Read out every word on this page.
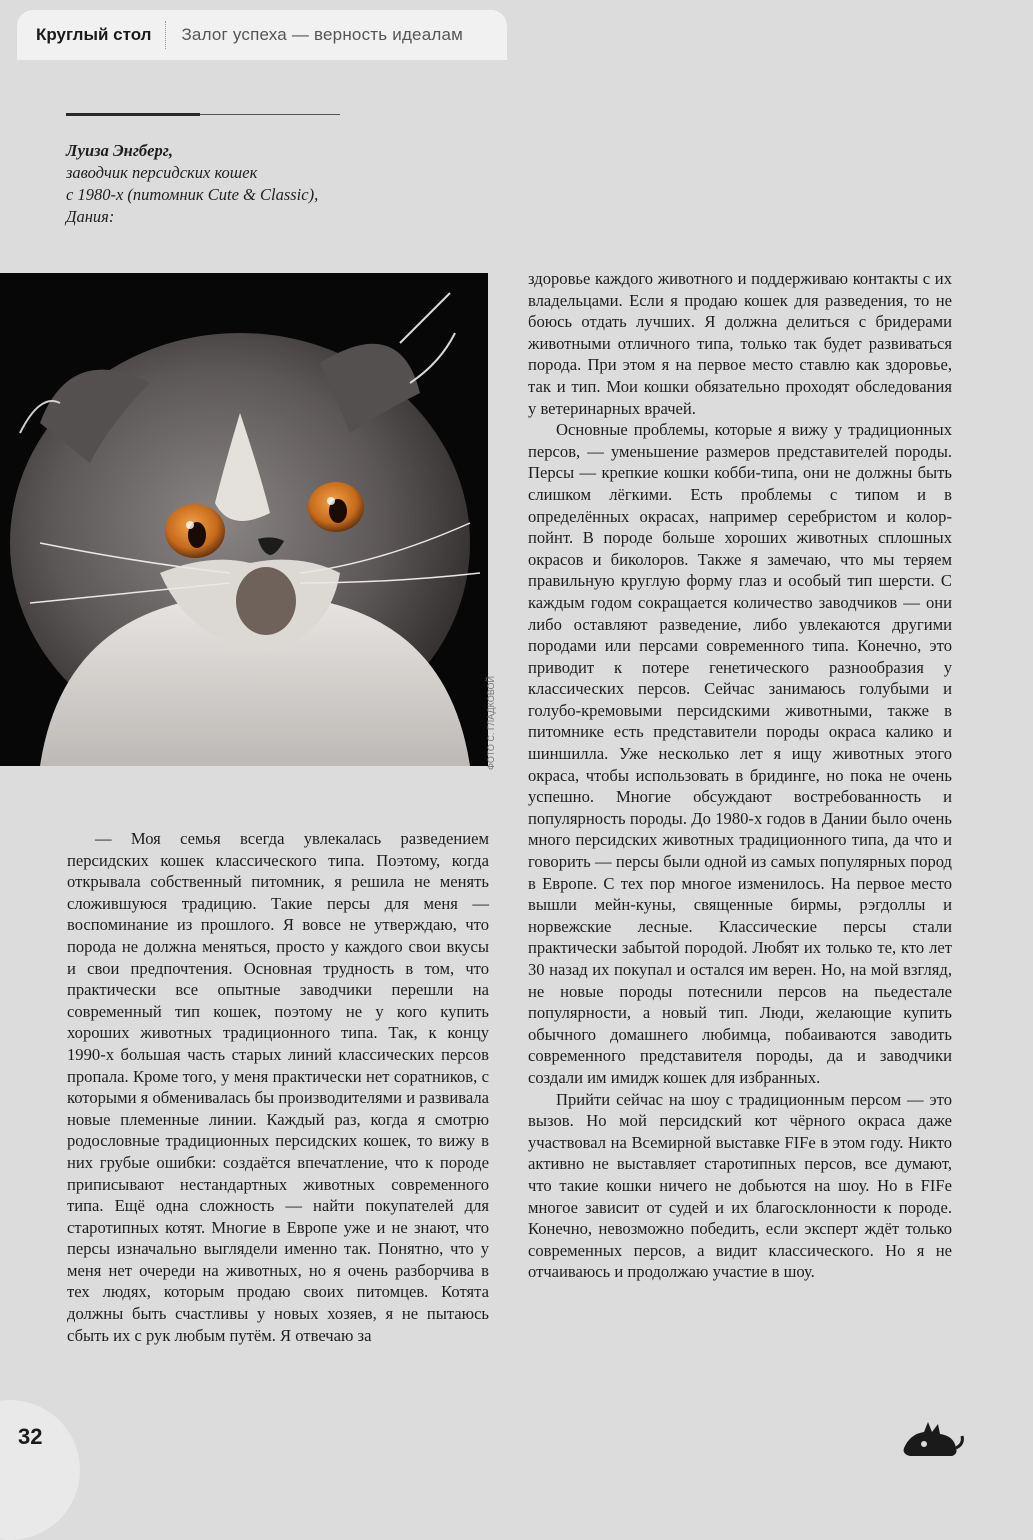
Круглый стол	Залог успеха — верность идеалам
Луиза Энгберг,
заводчик персидских кошек
с 1980-х (питомник Cute & Classic),
Дания:
ФОТО С. ГЛАДКОВОЙ

— Моя семья всегда увлекалась разведением персидских кошек классического типа. Поэтому, когда открывала собственный питомник, я решила не менять сложившуюся традицию. Такие персы для меня — воспоминание из прошлого. Я вовсе не утверждаю, что порода не должна меняться, просто у каждого свои вкусы и свои предпочтения. Основная трудность в том, что практически все опытные заводчики перешли на современный тип кошек, поэтому не у кого купить хороших животных традиционного типа. Так, к концу 1990-х большая часть старых линий классических персов пропала. Кроме того, у меня практически нет соратников, с которыми я обменивалась бы производителями и развивала новые племенные линии. Каждый раз, когда я смотрю родословные традиционных персидских кошек, то вижу в них грубые ошибки: создаётся впечатление, что к породе приписывают нестандартных животных современного типа. Ещё одна сложность — найти покупателей для старотипных котят. Многие в Европе уже и не знают, что персы изначально выглядели именно так. Понятно, что у меня нет очереди на животных, но я очень разборчива в тех людях, которым продаю своих питомцев. Котята должны быть счастливы у новых хозяев, я не пытаюсь сбыть их с рук любым путём. Я отвечаю за

здоровье каждого животного и поддерживаю контакты с их владельцами. Если я продаю кошек для разведения, то не боюсь отдать лучших. Я должна делиться с бридерами животными отличного типа, только так будет развиваться порода. При этом я на первое место ставлю как здоровье, так и тип. Мои кошки обязательно проходят обследования у ветеринарных врачей.

Основные проблемы, которые я вижу у традиционных персов, — уменьшение размеров представителей породы. Персы — крепкие кошки кобби-типа, они не должны быть слишком лёгкими. Есть проблемы с типом и в определённых окрасах, например серебристом и колор-пойнт. В породе больше хороших животных сплошных окрасов и биколоров. Также я замечаю, что мы теряем правильную круглую форму глаз и особый тип шерсти. С каждым годом сокращается количество заводчиков — они либо оставляют разведение, либо увлекаются другими породами или персами современного типа. Конечно, это приводит к потере генетического разнообразия у классических персов. Сейчас занимаюсь голубыми и голубо-кремовыми персидскими животными, также в питомнике есть представители породы окраса калико и шиншилла. Уже несколько лет я ищу животных этого окраса, чтобы использовать в бридинге, но пока не очень успешно. Многие обсуждают востребованность и популярность породы. До 1980-х годов в Дании было очень много персидских животных традиционного типа, да что и говорить — персы были одной из самых популярных пород в Европе. С тех пор многое изменилось. На первое место вышли мейн-куны, священные бирмы, рэгдоллы и норвежские лесные. Классические персы стали практически забытой породой. Любят их только те, кто лет 30 назад их покупал и остался им верен. Но, на мой взгляд, не новые породы потеснили персов на пьедестале популярности, а новый тип. Люди, желающие купить обычного домашнего любимца, побаиваются заводить современного представителя породы, да и заводчики создали им имидж кошек для избранных.

Прийти сейчас на шоу с традиционным персом — это вызов. Но мой персидский кот чёрного окраса даже участвовал на Всемирной выставке FIFe в этом году. Никто активно не выставляет старотипных персов, все думают, что такие кошки ничего не добьются на шоу. Но в FIFe многое зависит от судей и их благосклонности к породе. Конечно, невозможно победить, если эксперт ждёт только современных персов, а видит классического. Но я не отчаиваюсь и продолжаю участие в шоу.

32
